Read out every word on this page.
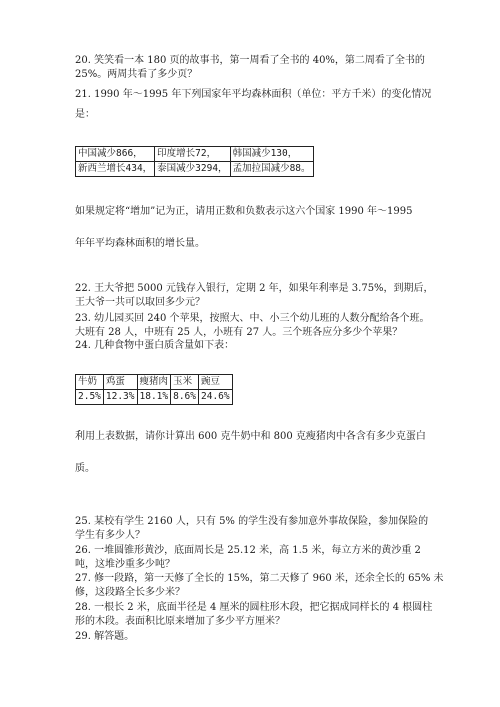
20. 笑笑看一本 180 页的故事书，第一周看了全书的 40%，第二周看了全书的
25%。两周共看了多少页？
21. 1990 年～1995 年下列国家年平均森林面积（单位：平方千米）的变化情况
是：
中国减少866，	印度增长72，	韩国减少130，
新西兰增长434，	泰国减少3294，	孟加拉国减少88。
如果规定将“增加”记为正，请用正数和负数表示这六个国家 1990 年～1995
年年平均森林面积的增长量。
22. 王大爷把 5000 元钱存入银行，定期 2 年，如果年利率是 3.75%，到期后，
王大爷一共可以取回多少元？
23. 幼儿园买回 240 个苹果，按照大、中、小三个幼儿班的人数分配给各个班。
大班有 28 人，中班有 25 人，小班有 27 人。三个班各应分多少个苹果？
24. 几种食物中蛋白质含量如下表：
牛奶	鸡蛋	瘦猪肉	玉米	豌豆
2.5%	12.3%	18.1%	8.6%	24.6%
利用上表数据，请你计算出 600 克牛奶中和 800 克瘦猪肉中各含有多少克蛋白
质。
25. 某校有学生 2160 人，只有 5% 的学生没有参加意外事故保险，参加保险的
学生有多少人？
26. 一堆圆锥形黄沙，底面周长是 25.12 米，高 1.5 米，每立方米的黄沙重 2
吨，这堆沙重多少吨？
27. 修一段路，第一天修了全长的 15%，第二天修了 960 米，还余全长的 65% 未
修，这段路全长多少米？
28. 一根长 2 米，底面半径是 4 厘米的圆柱形木段，把它据成同样长的 4 根圆柱
形的木段。表面积比原来增加了多少平方厘米？
29. 解答题。
